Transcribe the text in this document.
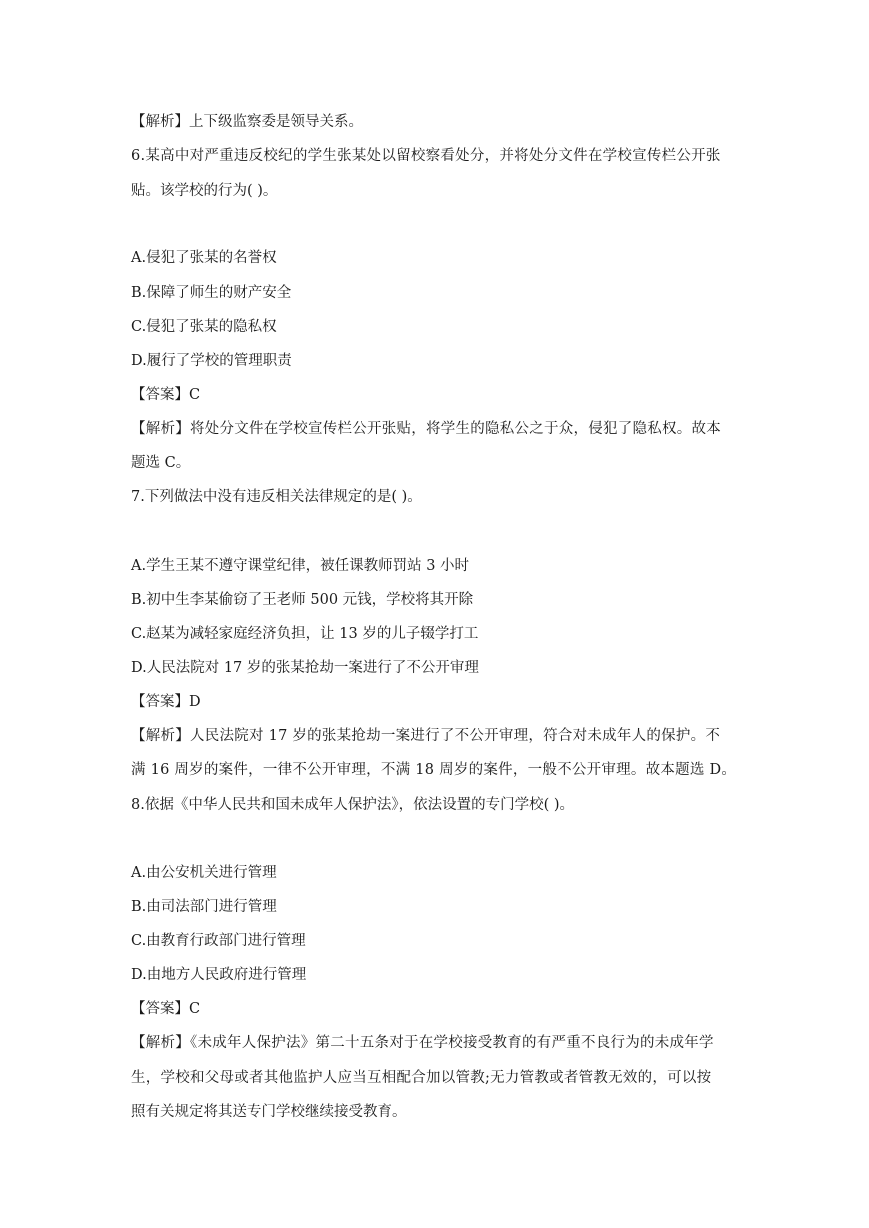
【解析】上下级监察委是领导关系。
6.某高中对严重违反校纪的学生张某处以留校察看处分，并将处分文件在学校宣传栏公开张
贴。该学校的行为( )。
A.侵犯了张某的名誉权
B.保障了师生的财产安全
C.侵犯了张某的隐私权
D.履行了学校的管理职责
【答案】C
【解析】将处分文件在学校宣传栏公开张贴，将学生的隐私公之于众，侵犯了隐私权。故本
题选 C。
7.下列做法中没有违反相关法律规定的是( )。
A.学生王某不遵守课堂纪律，被任课教师罚站 3 小时
B.初中生李某偷窃了王老师 500 元钱，学校将其开除
C.赵某为减轻家庭经济负担，让 13 岁的儿子辍学打工
D.人民法院对 17 岁的张某抢劫一案进行了不公开审理
【答案】D
【解析】人民法院对 17 岁的张某抢劫一案进行了不公开审理，符合对未成年人的保护。不
满 16 周岁的案件，一律不公开审理，不满 18 周岁的案件，一般不公开审理。故本题选 D。
8.依据《中华人民共和国未成年人保护法》，依法设置的专门学校( )。
A.由公安机关进行管理
B.由司法部门进行管理
C.由教育行政部门进行管理
D.由地方人民政府进行管理
【答案】C
【解析】《未成年人保护法》第二十五条对于在学校接受教育的有严重不良行为的未成年学
生，学校和父母或者其他监护人应当互相配合加以管教;无力管教或者管教无效的，可以按
照有关规定将其送专门学校继续接受教育。
